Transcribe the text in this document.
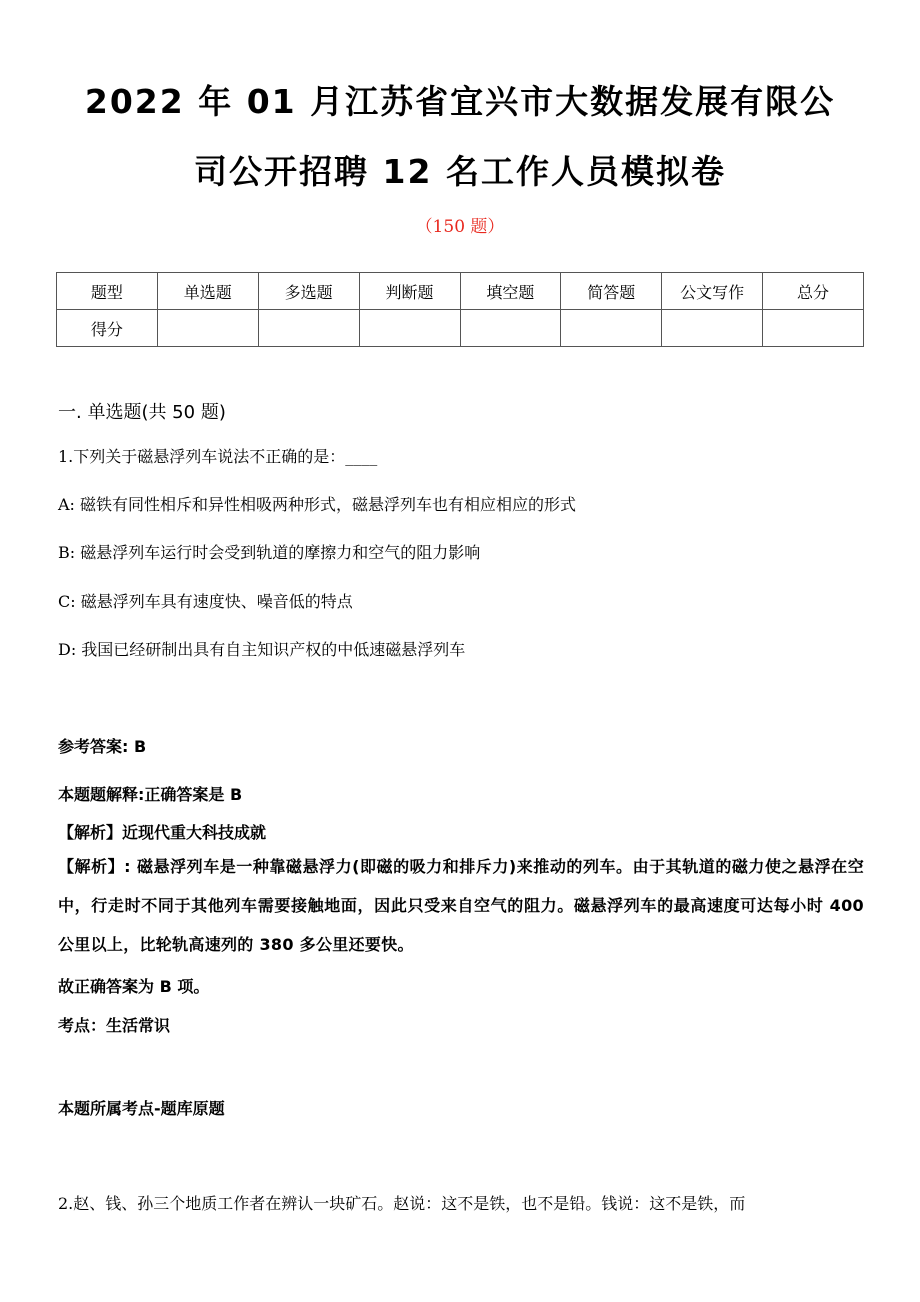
2022 年 01 月江苏省宜兴市大数据发展有限公
司公开招聘 12 名工作人员模拟卷
（150 题）
题型	单选题	多选题	判断题	填空题	简答题	公文写作	总分
得分							
一. 单选题(共 50 题)
1.下列关于磁悬浮列车说法不正确的是：____
A: 磁铁有同性相斥和异性相吸两种形式，磁悬浮列车也有相应相应的形式
B: 磁悬浮列车运行时会受到轨道的摩擦力和空气的阻力影响
C: 磁悬浮列车具有速度快、噪音低的特点
D: 我国已经研制出具有自主知识产权的中低速磁悬浮列车
参考答案: B
本题题解释:正确答案是 B
【解析】近现代重大科技成就
【解析】: 磁悬浮列车是一种靠磁悬浮力(即磁的吸力和排斥力)来推动的列车。由于其轨道的磁力使之悬浮在空中，行走时不同于其他列车需要接触地面，因此只受来自空气的阻力。磁悬浮列车的最高速度可达每小时 400 公里以上，比轮轨高速列的 380 多公里还要快。
故正确答案为 B 项。
考点：生活常识
本题所属考点-题库原题
2.赵、钱、孙三个地质工作者在辨认一块矿石。赵说：这不是铁，也不是铅。钱说：这不是铁，而
